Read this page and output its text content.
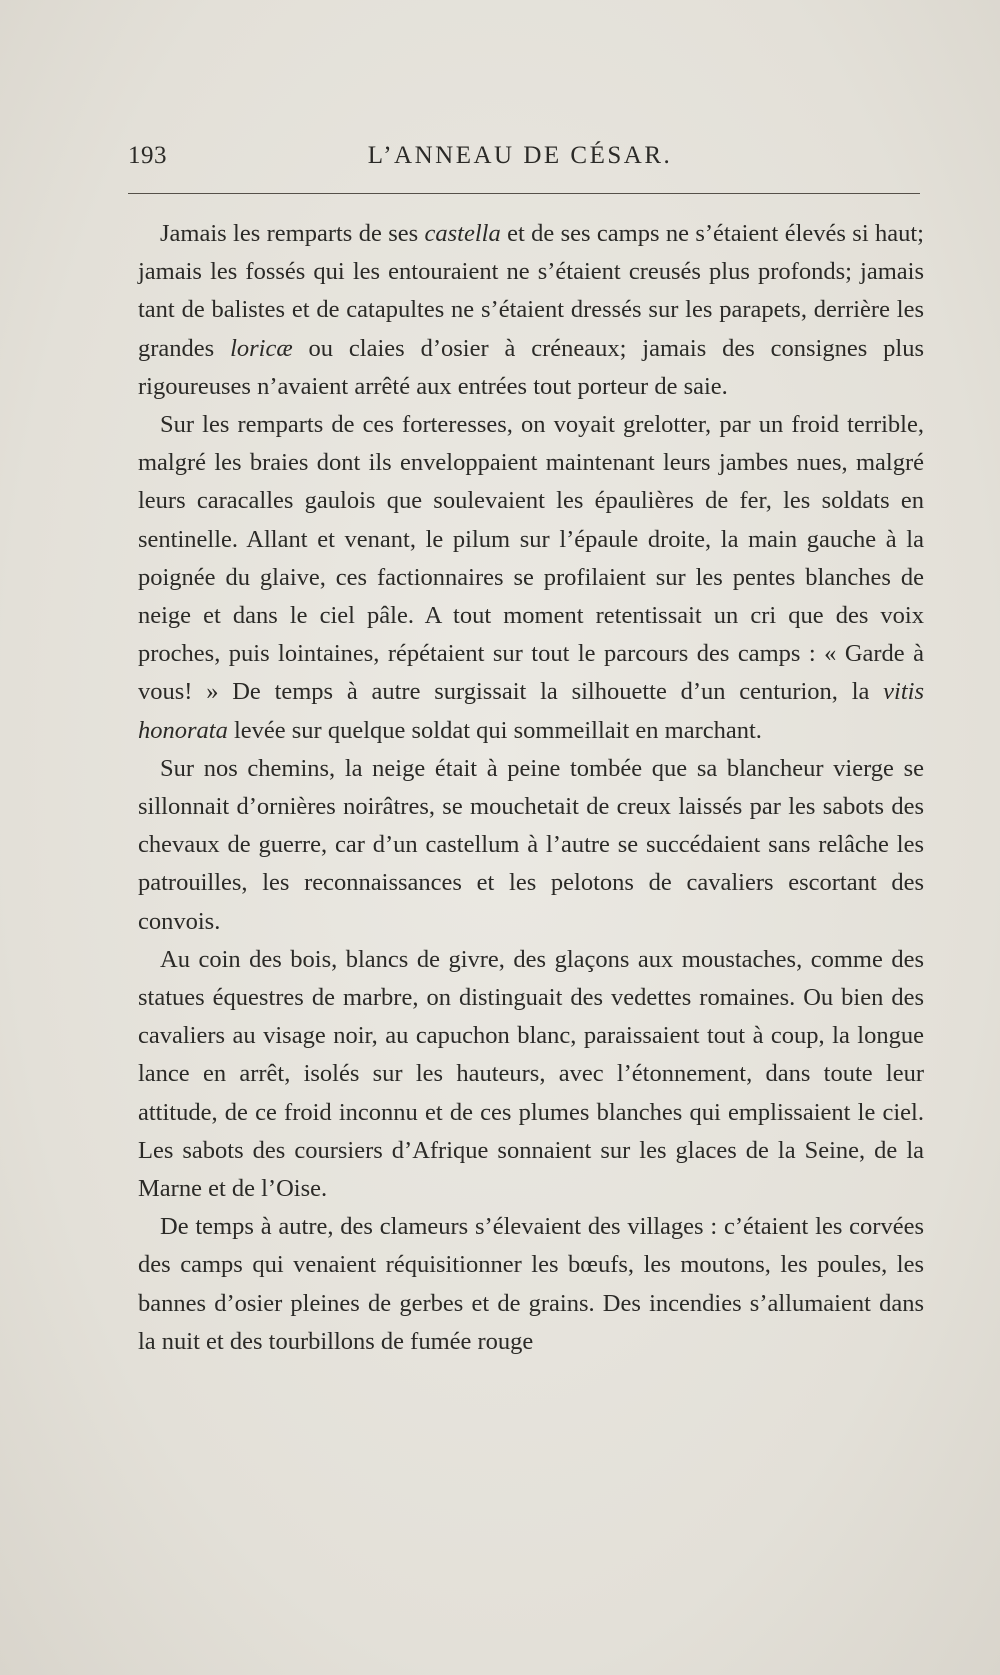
193	L’ANNEAU DE CÉSAR.

Jamais les remparts de ses castella et de ses camps ne s’étaient élevés si haut; jamais les fossés qui les entouraient ne s’étaient creusés plus profonds; jamais tant de balistes et de catapultes ne s’étaient dressés sur les parapets, derrière les grandes loricæ ou claies d’osier à créneaux; jamais des consignes plus rigoureuses n’avaient arrêté aux entrées tout porteur de saie.

Sur les remparts de ces forteresses, on voyait grelotter, par un froid terrible, malgré les braies dont ils enveloppaient maintenant leurs jambes nues, malgré leurs caracalles gaulois que soulevaient les épaulières de fer, les soldats en sentinelle. Allant et venant, le pilum sur l’épaule droite, la main gauche à la poignée du glaive, ces factionnaires se profilaient sur les pentes blanches de neige et dans le ciel pâle. A tout moment retentissait un cri que des voix proches, puis lointaines, répétaient sur tout le parcours des camps : « Garde à vous! » De temps à autre surgissait la silhouette d’un centurion, la vitis honorata levée sur quelque soldat qui sommeillait en marchant.

Sur nos chemins, la neige était à peine tombée que sa blancheur vierge se sillonnait d’ornières noirâtres, se mouchetait de creux laissés par les sabots des chevaux de guerre, car d’un castellum à l’autre se succédaient sans relâche les patrouilles, les reconnaissances et les pelotons de cavaliers escortant des convois.

Au coin des bois, blancs de givre, des glaçons aux moustaches, comme des statues équestres de marbre, on distinguait des vedettes romaines. Ou bien des cavaliers au visage noir, au capuchon blanc, paraissaient tout à coup, la longue lance en arrêt, isolés sur les hauteurs, avec l’étonnement, dans toute leur attitude, de ce froid inconnu et de ces plumes blanches qui emplissaient le ciel. Les sabots des coursiers d’Afrique sonnaient sur les glaces de la Seine, de la Marne et de l’Oise.

De temps à autre, des clameurs s’élevaient des villages : c’étaient les corvées des camps qui venaient réquisitionner les bœufs, les moutons, les poules, les bannes d’osier pleines de gerbes et de grains. Des incendies s’allumaient dans la nuit et des tourbillons de fumée rouge
